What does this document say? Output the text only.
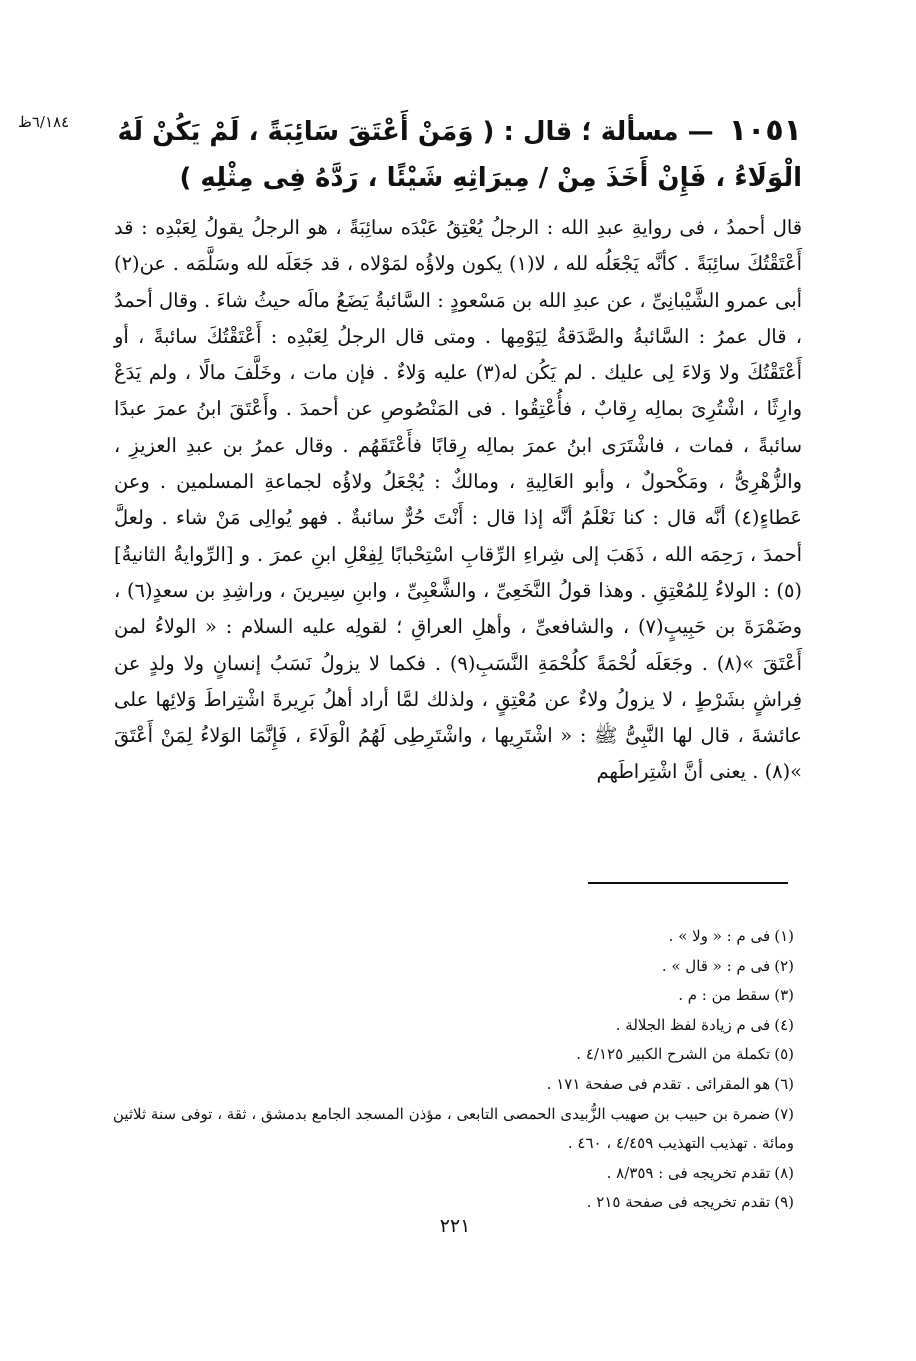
٦/١٨٤ظ	١٠٥١ — مسألة ؛ قال : ( وَمَنْ أَعْتَقَ سَائِبَةً ، لَمْ يَكُنْ لَهُ الْوَلَاءُ ، فَإِنْ أَخَذَ مِنْ / مِيرَاثِهِ شَيْئًا ، رَدَّهُ فِى مِثْلِهِ )
قال أحمدُ ، فى روايةِ عبدِ الله : الرجلُ يُعْتِقُ عَبْدَه سائِبَةً ، هو الرجلُ يقولُ لِعَبْدِه : قد أَعْتَقْتُكَ سائِبَةً . كأنَّه يَجْعَلُه لله ، لا(١) يكون ولاؤُه لمَوْلاه ، قد جَعَلَه لله وسَلَّمَه . عن(٢) أبى عمرو الشَّيْبانِىِّ ، عن عبدِ الله بن مَسْعودٍ : السَّائبةُ يَضَعُ مالَه حيثُ شاءَ . وقال أحمدُ ، قال عمرُ : السَّائبةُ والصَّدَقةُ لِيَوْمِها . ومتى قال الرجلُ لِعَبْدِه : أَعْتَقْتُكَ سائبةً ، أو أَعْتَقْتُكَ ولا وَلاءَ لِى عليك . لم يَكُن له(٣) عليه وَلاءٌ . فإن مات ، وخَلَّفَ مالًا ، ولم يَدَعْ وارِثًا ، اشْتُرِىَ بمالِه رِقابٌ ، فأُعْتِقُوا . فى المَنْصُوصِ عن أحمدَ . وأَعْتَقَ ابنُ عمرَ عبدًا سائبةً ، فمات ، فاشْتَرَى ابنُ عمرَ بمالِه رِقابًا فأَعْتَقَهُم . وقال عمرُ بن عبدِ العزيزِ ، والزُّهْرِىُّ ، ومَكْحولٌ ، وأبو العَالِيةِ ، ومالكٌ : يُجْعَلُ ولاؤُه لجماعةِ المسلمين . وعن عَطاءٍ(٤) أنَّه قال : كنا نَعْلَمُ أنَّه إذا قال : أَنْتَ حُرٌّ سائبةٌ . فهو يُوالِى مَنْ شاء . ولعلَّ أحمدَ ، رَحِمَه الله ، ذَهَبَ إلى شِراءِ الرِّقابِ اسْتِحْبابًا لِفِعْلِ ابنِ عمرَ . و [الرِّوايةُ الثانيةُ](٥) : الولاءُ لِلمُعْتِقِ . وهذا قولُ النَّخَعِىِّ ، والشَّعْبِىِّ ، وابنِ سِيرينَ ، وراشِدِ بن سعدٍ(٦) ، وضَمْرَةَ بن حَبِيبٍ(٧) ، والشافعىِّ ، وأهلِ العراقِ ؛ لقولِه عليه السلام : « الولاءُ لمن أَعْتَقَ »(٨) . وجَعَلَه لُحْمَةً كلُحْمَةِ النَّسَبِ(٩) . فكما لا يزولُ نَسَبُ إنسانٍ ولا ولدٍ عن فِراشٍ بشَرْطٍ ، لا يزولُ ولاءٌ عن مُعْتِقٍ ، ولذلك لمَّا أراد أهلُ بَرِيرةَ اشْتِراطَ وَلائِها على عائشةَ ، قال لها النَّبِىُّ ﷺ : « اشْتَرِيها ، واشْتَرِطِى لَهُمُ الْوَلَاءَ ، فَإِنَّمَا الوَلاءُ لِمَنْ أَعْتَقَ »(٨) . يعنى أنَّ اشْتِراطَهم
(١)فى م : « ولا » .
(٢)فى م : « قال » .
(٣)سقط من : م .
(٤)فى م زيادة لفظ الجلالة .
(٥)تكملة من الشرح الكبير ٤/١٢٥ .
(٦)هو المقرائى . تقدم فى صفحة ١٧١ .
(٧)ضمرة بن حبيب بن صهيب الزُّبيدى الحمصى التابعى ، مؤذن المسجد الجامع بدمشق ، ثقة ، توفى سنة ثلاثين
ومائة . تهذيب التهذيب ٤/٤٥٩ ، ٤٦٠ .
(٨)تقدم تخريجه فى : ٨/٣٥٩ .
(٩)تقدم تخريجه فى صفحة ٢١٥ .
٢٢١
